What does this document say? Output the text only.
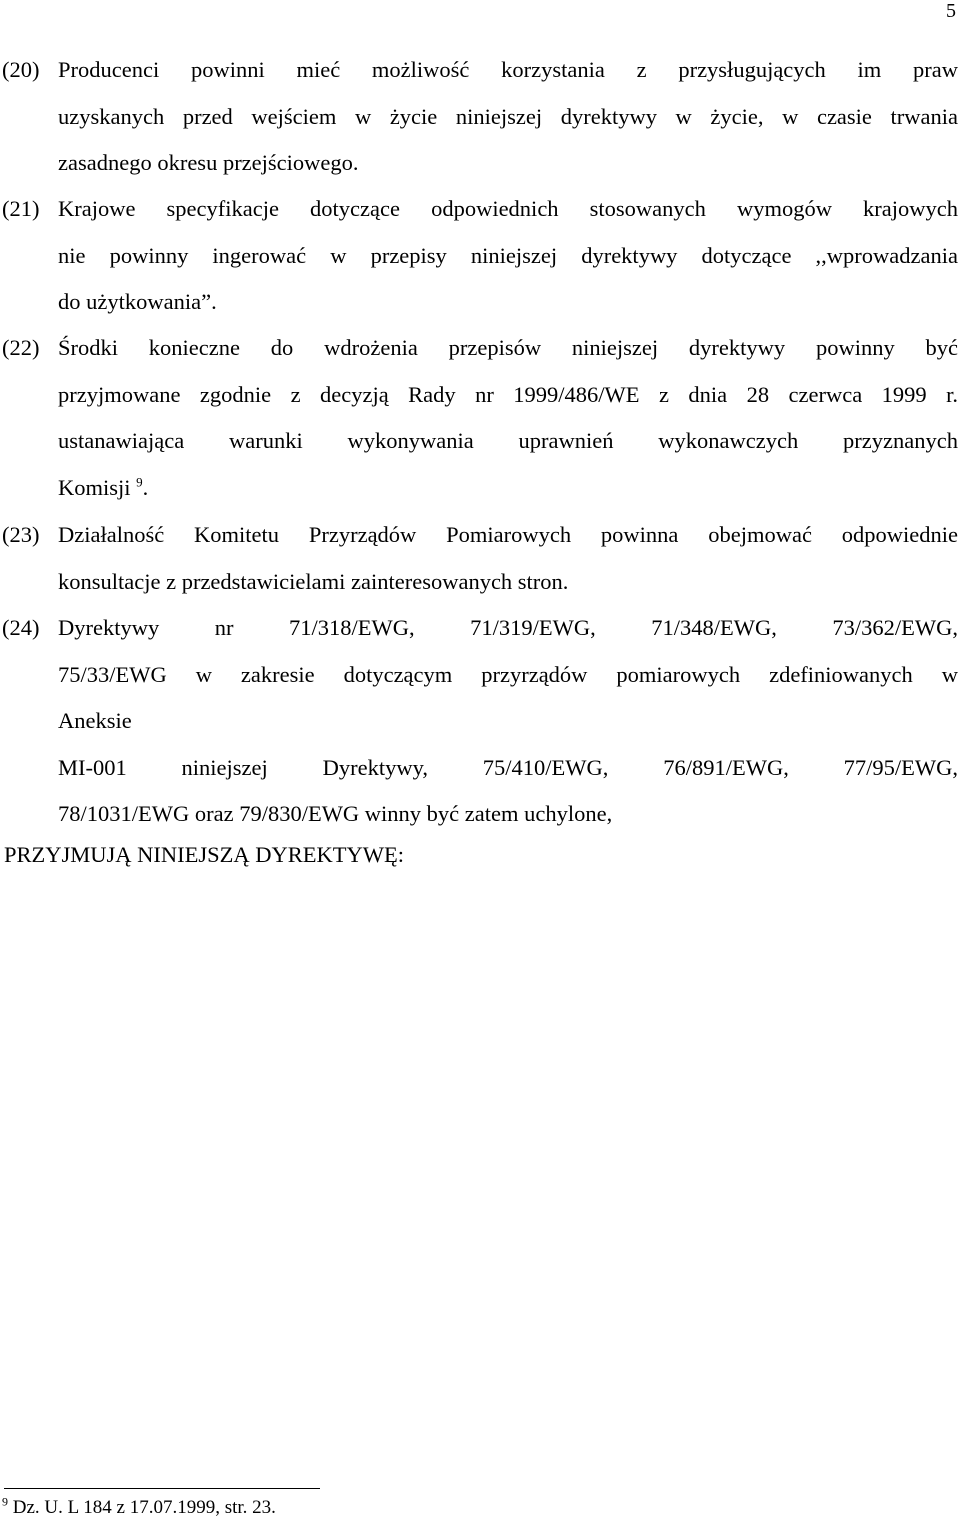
5
(20) Producenci powinni mieć możliwość korzystania z przysługujących im praw
uzyskanych przed wejściem w życie niniejszej dyrektywy w życie, w czasie trwania
zasadnego okresu przejściowego.
(21) Krajowe specyfikacje dotyczące odpowiednich stosowanych wymogów krajowych
nie powinny ingerować w przepisy niniejszej dyrektywy dotyczące ,,wprowadzania
do użytkowania”.
(22) Środki konieczne do wdrożenia przepisów niniejszej dyrektywy powinny być
przyjmowane zgodnie z decyzją Rady nr 1999/486/WE z dnia 28 czerwca 1999 r.
ustanawiająca warunki wykonywania uprawnień wykonawczych przyznanych
Komisji $^9$.
(23) Działalność Komitetu Przyrządów Pomiarowych powinna obejmować odpowiednie
konsultacje z przedstawicielami zainteresowanych stron.
(24) Dyrektywy nr 71/318/EWG, 71/319/EWG, 71/348/EWG, 73/362/EWG,
75/33/EWG w zakresie dotyczącym przyrządów pomiarowych zdefiniowanych w
Aneksie
MI-001 niniejszej Dyrektywy, 75/410/EWG, 76/891/EWG, 77/95/EWG,
78/1031/EWG oraz 79/830/EWG winny być zatem uchylone,
PRZYJMUJĄ NINIEJSZĄ DYREKTYWĘ:
$^9$ Dz. U. L 184 z 17.07.1999, str. 23.
